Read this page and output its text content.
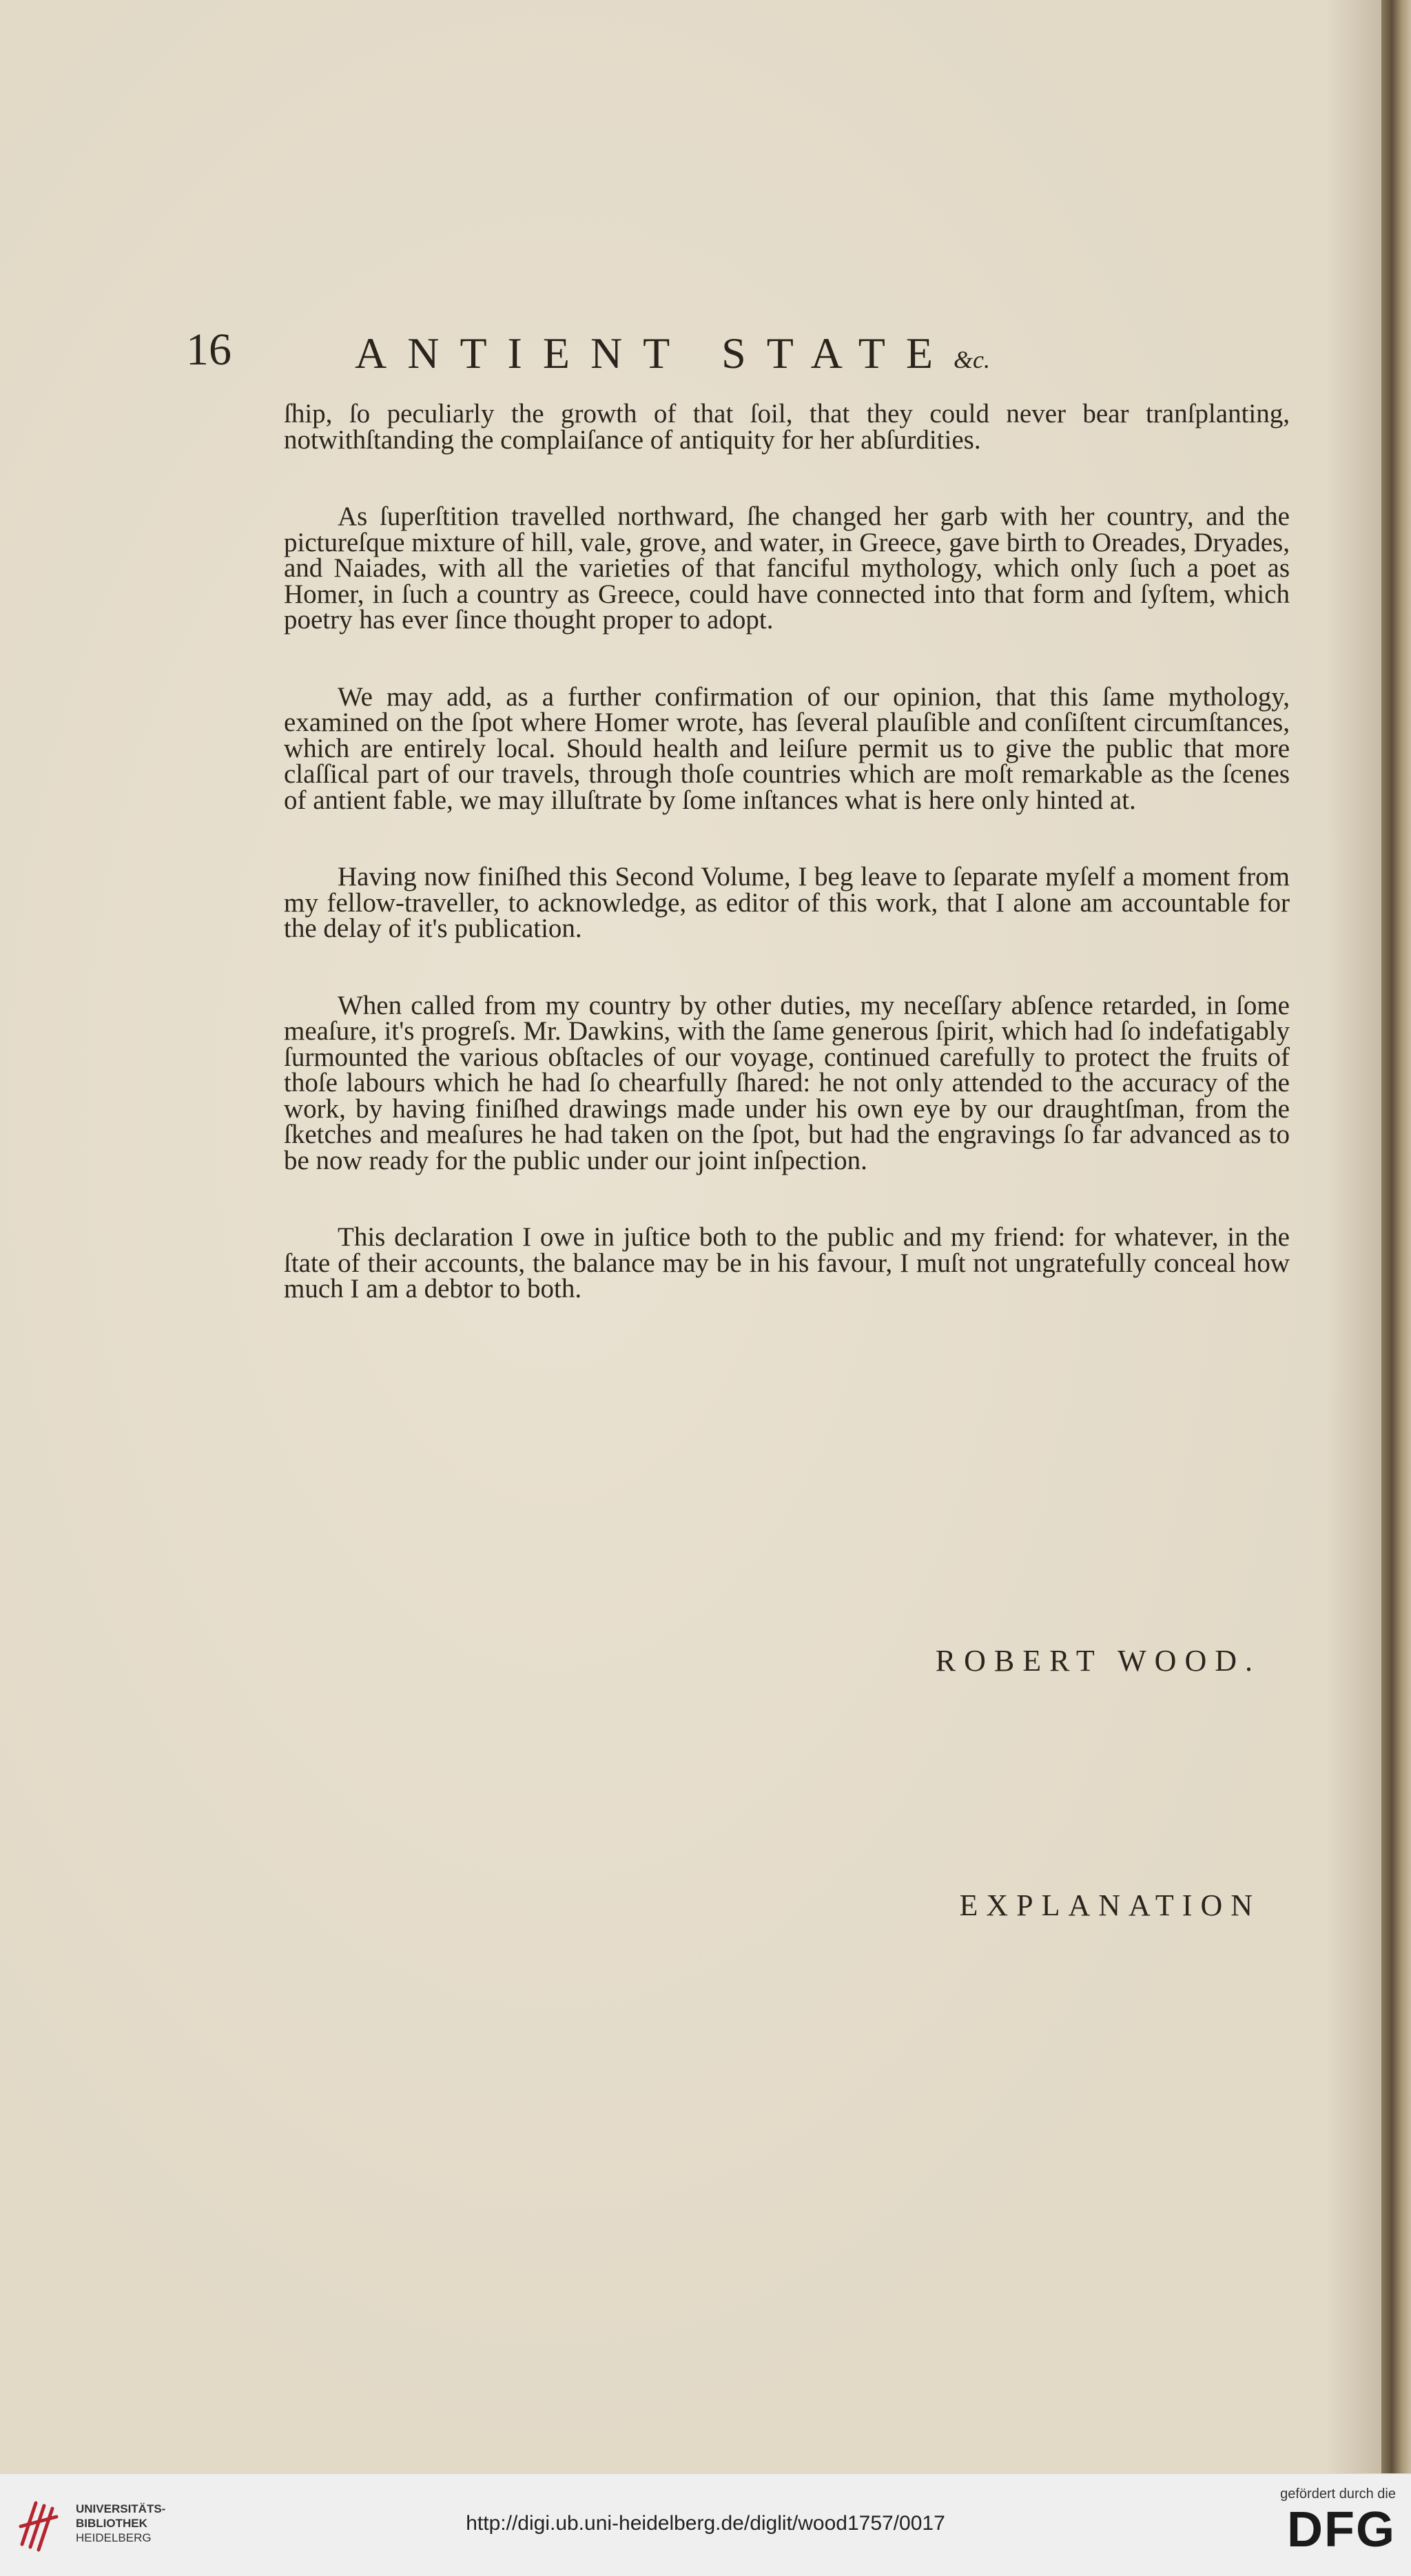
16	ANTIENT STATE&c.

ſhip, ſo peculiarly the growth of that ſoil, that they could never bear tranſplanting, notwithſtanding the complaiſance of antiquity for her abſurdities.

As ſuperſtition travelled northward, ſhe changed her garb with her country, and the pictureſque mixture of hill, vale, grove, and water, in Greece, gave birth to Oreades, Dryades, and Naiades, with all the varieties of that fanciful mythology, which only ſuch a poet as Homer, in ſuch a country as Greece, could have connected into that form and ſyſtem, which poetry has ever ſince thought proper to adopt.

We may add, as a further confirmation of our opinion, that this ſame mythology, examined on the ſpot where Homer wrote, has ſeveral plauſible and conſiſtent circumſtances, which are entirely local. Should health and leiſure permit us to give the public that more claſſical part of our travels, through thoſe countries which are moſt remarkable as the ſcenes of antient fable, we may illuſtrate by ſome inſtances what is here only hinted at.

Having now finiſhed this Second Volume, I beg leave to ſeparate myſelf a moment from my fellow-traveller, to acknowledge, as editor of this work, that I alone am accountable for the delay of it's publication.

When called from my country by other duties, my neceſſary abſence retarded, in ſome meaſure, it's progreſs. Mr. Dawkins, with the ſame generous ſpirit, which had ſo indefatigably ſurmounted the various obſtacles of our voyage, continued carefully to protect the fruits of thoſe labours which he had ſo chearfully ſhared: he not only attended to the accuracy of the work, by having finiſhed drawings made under his own eye by our draughtſman, from the ſketches and meaſures he had taken on the ſpot, but had the engravings ſo far advanced as to be now ready for the public under our joint inſpection.

This declaration I owe in juſtice both to the public and my friend: for whatever, in the ſtate of their accounts, the balance may be in his favour, I muſt not ungratefully conceal how much I am a debtor to both.

ROBERT WOOD.
EXPLANATION
UNIVERSITÄTS-
BIBLIOTHEK
HEIDELBERG
http://digi.ub.uni-heidelberg.de/diglit/wood1757/0017
gefördert durch die
DFG
